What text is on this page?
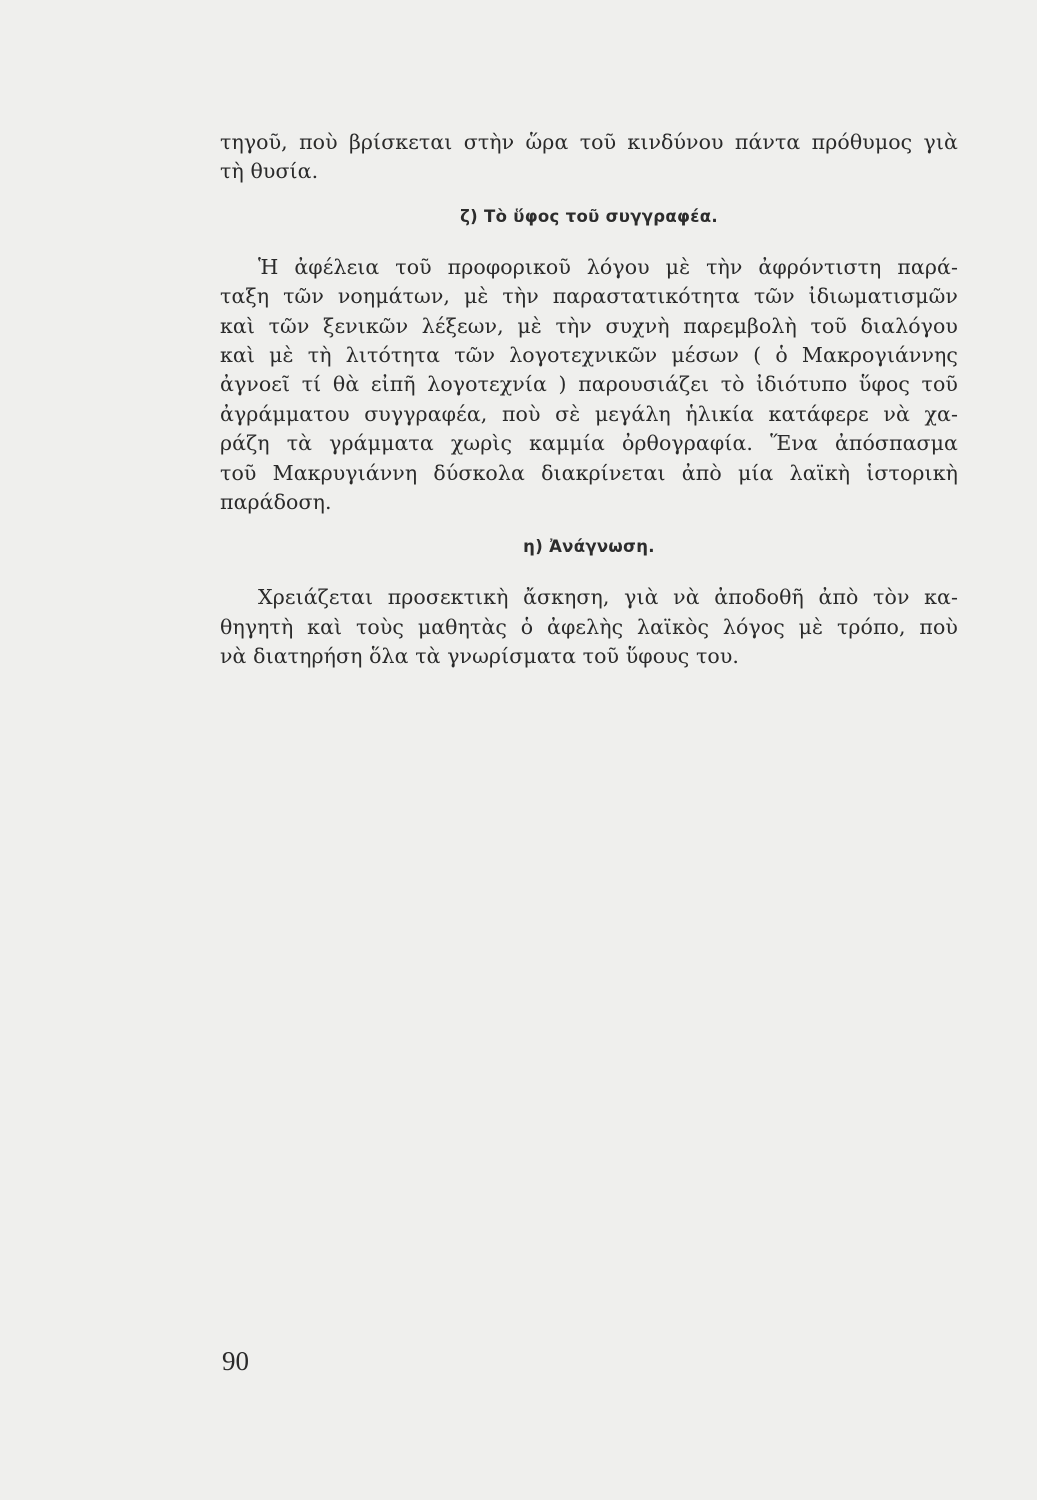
τηγοῦ, ποὺ βρίσκεται στὴν ὥρα τοῦ κινδύνου πάντα πρόθυμος γιὰ
τὴ θυσία.
ζ) Τὸ ὕφος τοῦ συγγραφέα.
Ἡ ἀφέλεια τοῦ προφορικοῦ λόγου μὲ τὴν ἀφρόντιστη παρά-
ταξη τῶν νοημάτων, μὲ τὴν παραστατικότητα τῶν ἰδιωματισμῶν
καὶ τῶν ξενικῶν λέξεων, μὲ τὴν συχνὴ παρεμβολὴ τοῦ διαλόγου
καὶ μὲ τὴ λιτότητα τῶν λογοτεχνικῶν μέσων ( ὁ Μακρογιάννης
ἀγνοεῖ τί θὰ εἰπῆ λογοτεχνία ) παρουσιάζει τὸ ἰδιότυπο ὕφος τοῦ
ἀγράμματου συγγραφέα, ποὺ σὲ μεγάλη ἡλικία κατάφερε νὰ χα-
ράζη τὰ γράμματα χωρὶς καμμία ὀρθογραφία. Ἕνα ἀπόσπασμα
τοῦ Μακρυγιάννη δύσκολα διακρίνεται ἀπὸ μία λαϊκὴ ἱστορικὴ
παράδοση.
η) Ἀνάγνωση.
Χρειάζεται προσεκτικὴ ἄσκηση, γιὰ νὰ ἀποδοθῆ ἀπὸ τὸν κα-
θηγητὴ καὶ τοὺς μαθητὰς ὁ ἀφελὴς λαϊκὸς λόγος μὲ τρόπο, ποὺ
νὰ διατηρήση ὅλα τὰ γνωρίσματα τοῦ ὕφους του.
90
